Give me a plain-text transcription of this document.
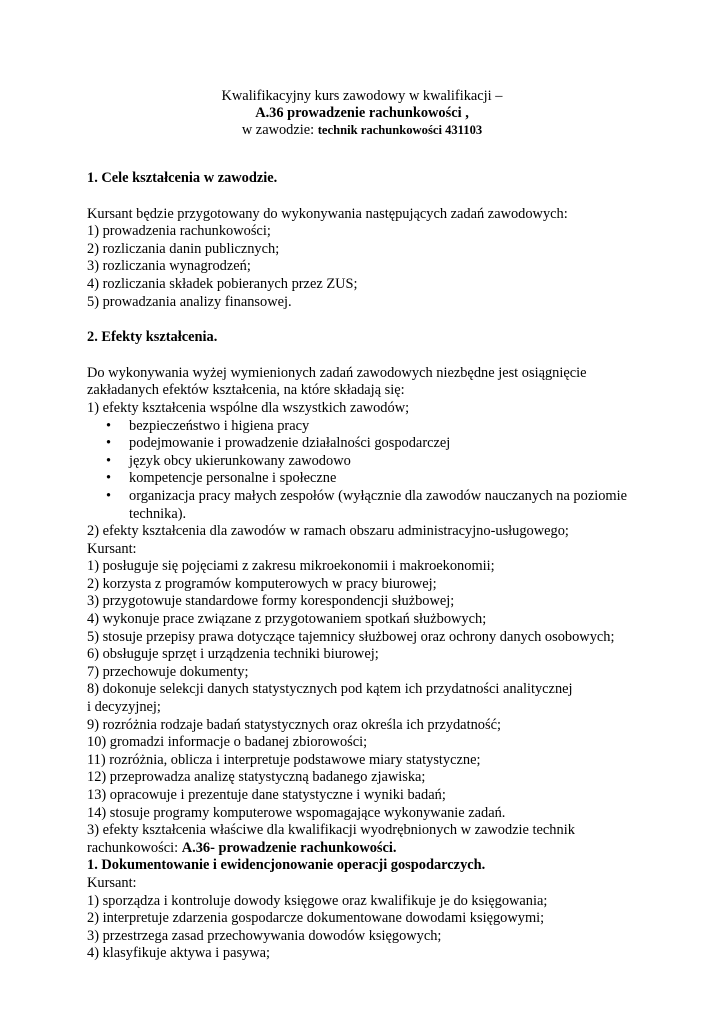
Kwalifikacyjny kurs zawodowy w kwalifikacji –
A.36 prowadzenie rachunkowości ,
w zawodzie: technik rachunkowości 431103
1. Cele kształcenia w zawodzie.
Kursant będzie przygotowany do wykonywania następujących zadań zawodowych:
1) prowadzenia rachunkowości;
2) rozliczania danin publicznych;
3) rozliczania wynagrodzeń;
4) rozliczania składek pobieranych przez ZUS;
5) prowadzania analizy finansowej.
2. Efekty kształcenia.
Do wykonywania wyżej wymienionych zadań zawodowych niezbędne jest osiągnięcie
zakładanych efektów kształcenia, na które składają się:
1) efekty kształcenia wspólne dla wszystkich zawodów;
• bezpieczeństwo i higiena pracy
• podejmowanie i prowadzenie działalności gospodarczej
• język obcy ukierunkowany zawodowo
• kompetencje personalne i społeczne
• organizacja pracy małych zespołów (wyłącznie dla zawodów nauczanych na poziomie
technika).
2) efekty kształcenia dla zawodów w ramach obszaru administracyjno-usługowego;
Kursant:
1) posługuje się pojęciami z zakresu mikroekonomii i makroekonomii;
2) korzysta z programów komputerowych w pracy biurowej;
3) przygotowuje standardowe formy korespondencji służbowej;
4) wykonuje prace związane z przygotowaniem spotkań służbowych;
5) stosuje przepisy prawa dotyczące tajemnicy służbowej oraz ochrony danych osobowych;
6) obsługuje sprzęt i urządzenia techniki biurowej;
7) przechowuje dokumenty;
8) dokonuje selekcji danych statystycznych pod kątem ich przydatności analitycznej
i decyzyjnej;
9) rozróżnia rodzaje badań statystycznych oraz określa ich przydatność;
10) gromadzi informacje o badanej zbiorowości;
11) rozróżnia, oblicza i interpretuje podstawowe miary statystyczne;
12) przeprowadza analizę statystyczną badanego zjawiska;
13) opracowuje i prezentuje dane statystyczne i wyniki badań;
14) stosuje programy komputerowe wspomagające wykonywanie zadań.
3) efekty kształcenia właściwe dla kwalifikacji wyodrębnionych w zawodzie technik
rachunkowości: A.36- prowadzenie rachunkowości.
1. Dokumentowanie i ewidencjonowanie operacji gospodarczych.
Kursant:
1) sporządza i kontroluje dowody księgowe oraz kwalifikuje je do księgowania;
2) interpretuje zdarzenia gospodarcze dokumentowane dowodami księgowymi;
3) przestrzega zasad przechowywania dowodów księgowych;
4) klasyfikuje aktywa i pasywa;
